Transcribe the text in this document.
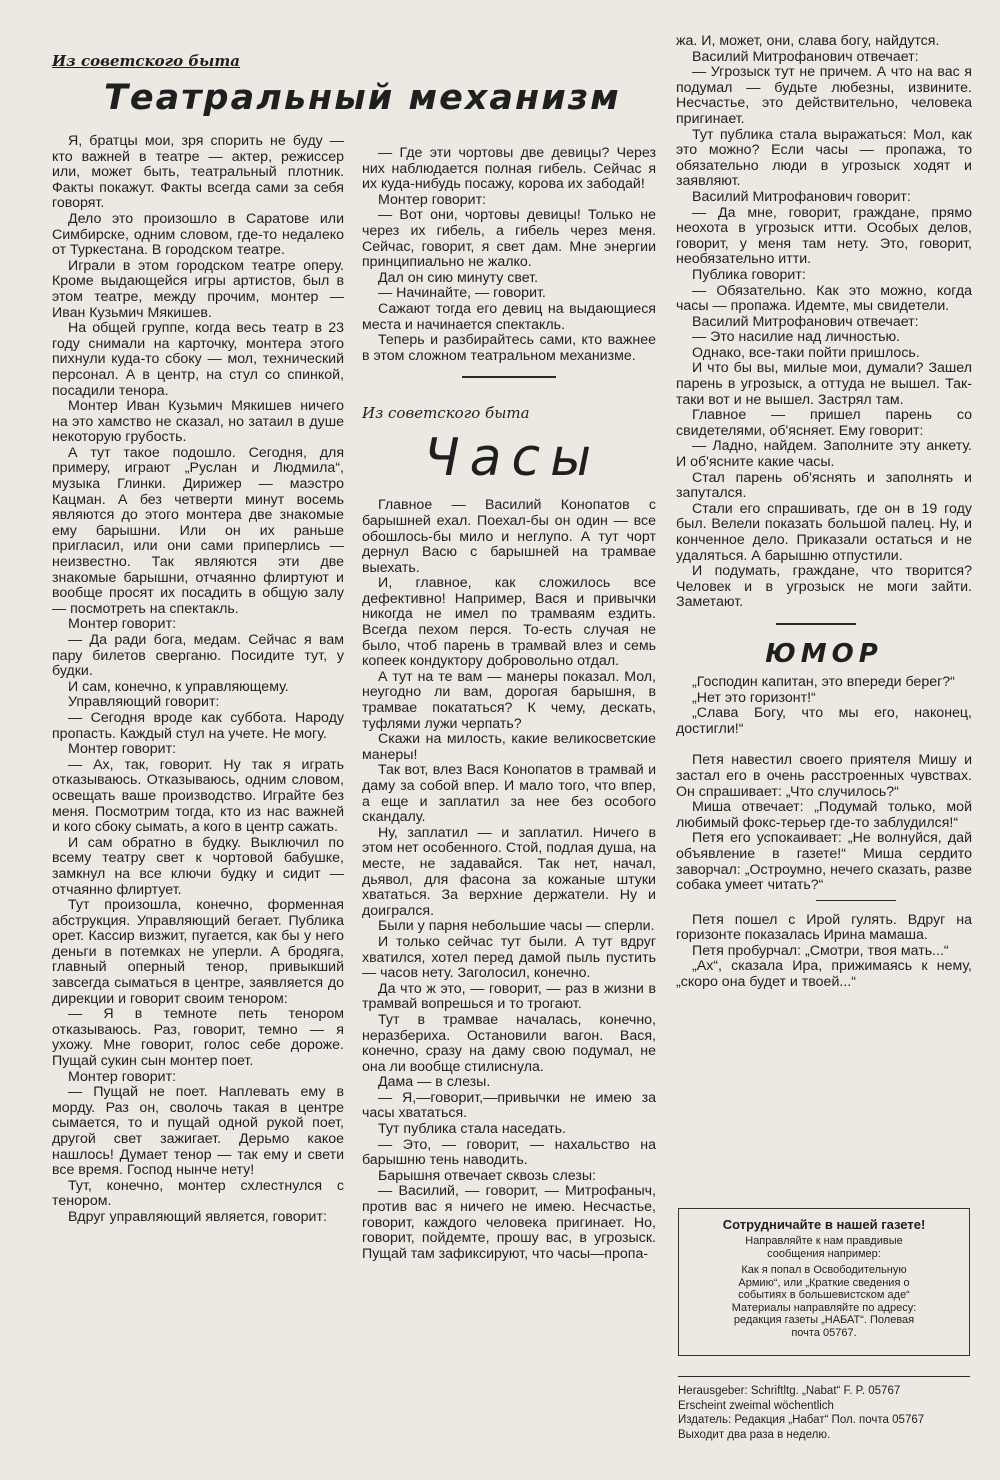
Из советского быта
Театральный механизм

Я, братцы мои, зря спорить не буду — кто важней в театре — актер, режиссер или, может быть, театральный плотник. Факты покажут. Факты всегда сами за себя говорят.

Дело это произошло в Саратове или Симбирске, одним словом, где-то недалеко от Туркестана. В городском театре.

Играли в этом городском театре оперу. Кроме выдающейся игры артистов, был в этом театре, между прочим, монтер — Иван Кузьмич Мякишев.

На общей группе, когда весь театр в 23 году снимали на карточку, монтера этого пихнули куда-то сбоку — мол, технический персонал. А в центр, на стул со спинкой, посадили тенора.

Монтер Иван Кузьмич Мякишев ничего на это хамство не сказал, но затаил в душе некоторую грубость.

А тут такое подошло. Сегодня, для примеру, играют „Руслан и Людмила“, музыка Глинки. Дирижер — маэстро Кацман. А без четверти минут восемь являются до этого монтера две знакомые ему барышни. Или он их раньше пригласил, или они сами приперлись — неизвестно. Так являются эти две знакомые барышни, отчаянно флиртуют и вообще просят их посадить в общую залу — посмотреть на спектакль.

Монтер говорит:

— Да ради бога, медам. Сейчас я вам пару билетов сверганю. Посидите тут, у будки.

И сам, конечно, к управляющему.

Управляющий говорит:

— Сегодня вроде как суббота. Народу пропасть. Каждый стул на учете. Не могу.

Монтер говорит:

— Ах, так, говорит. Ну так я играть отказываюсь. Отказываюсь, одним словом, освещать ваше производство. Играйте без меня. Посмотрим тогда, кто из нас важней и кого сбоку сымать, а кого в центр сажать.

И сам обратно в будку. Выключил по всему театру свет к чортовой бабушке, замкнул на все ключи будку и сидит — отчаянно флиртует.

Тут произошла, конечно, форменная абструкция. Управляющий бегает. Публика орет. Кассир визжит, пугается, как бы у него деньги в потемках не уперли. А бродяга, главный оперный тенор, привыкший завсегда сыматься в центре, заявляется до дирекции и говорит своим тенором:

— Я в темноте петь тенором отказываюсь. Раз, говорит, темно — я ухожу. Мне говорит, голос себе дороже. Пущай сукин сын монтер поет.

Монтер говорит:

— Пущай не поет. Наплевать ему в морду. Раз он, сволочь такая в центре сымается, то и пущай одной рукой поет, другой свет зажигает. Дерьмо какое нашлось! Думает тенор — так ему и свети все время. Господ нынче нету!

Тут, конечно, монтер схлестнулся с тенором.

Вдруг управляющий является, говорит:

— Где эти чортовы две девицы? Через них наблюдается полная гибель. Сейчас я их куда-нибудь посажу, корова их забодай!

Монтер говорит:

— Вот они, чортовы девицы! Только не через их гибель, а гибель через меня. Сейчас, говорит, я свет дам. Мне энергии принципиально не жалко.

Дал он сию минуту свет.

— Начинайте, — говорит.

Сажают тогда его девиц на выдающиеся места и начинается спектакль.

Теперь и разбирайтесь сами, кто важнее в этом сложном театральном механизме.

Из советского быта
Часы

Главное — Василий Конопатов с барышней ехал. Поехал-бы он один — все обошлось-бы мило и неглупо. А тут чорт дернул Васю с барышней на трамвае выехать.

И, главное, как сложилось все дефективно! Например, Вася и привычки никогда не имел по трамваям ездить. Всегда пехом перся. То-есть случая не было, чтоб парень в трамвай влез и семь копеек кондуктору добровольно отдал.

А тут на те вам — манеры показал. Мол, неугодно ли вам, дорогая барышня, в трамвае покататься? К чему, дескать, туфлями лужи черпать?

Скажи на милость, какие великосветские манеры!

Так вот, влез Вася Конопатов в трамвай и даму за собой впер. И мало того, что впер, а еще и заплатил за нее без особого скандалу.

Ну, заплатил — и заплатил. Ничего в этом нет особенного. Стой, подлая душа, на месте, не задавайся. Так нет, начал, дьявол, для фасона за кожаные штуки хвататься. За верхние держатели. Ну и доигрался.

Были у парня небольшие часы — сперли.

И только сейчас тут были. А тут вдруг хватился, хотел перед дамой пыль пустить — часов нету. Заголосил, конечно.

Да что ж это, — говорит, — раз в жизни в трамвай вопрешься и то трогают.

Тут в трамвае началась, конечно, неразбериха. Остановили вагон. Вася, конечно, сразу на даму свою подумал, не она ли вообще стилиснула.

Дама — в слезы.

— Я,—говорит,—привычки не имею за часы хвататься.

Тут публика стала наседать.

— Это, — говорит, — нахальство на барышню тень наводить.

Барышня отвечает сквозь слезы:

— Василий, — говорит, — Митрофаныч, против вас я ничего не имею. Несчастье, говорит, каждого человека пригинает. Но, говорит, пойдемте, прошу вас, в угрозыск. Пущай там зафиксируют, что часы—пропа-

жа. И, может, они, слава богу, найдутся.

Василий Митрофанович отвечает:

— Угрозыск тут не причем. А что на вас я подумал — будьте любезны, извините. Несчастье, это действительно, человека пригинает.

Тут публика стала выражаться: Мол, как это можно? Если часы — пропажа, то обязательно люди в угрозыск ходят и заявляют.

Василий Митрофанович говорит:

— Да мне, говорит, граждане, прямо неохота в угрозыск итти. Особых делов, говорит, у меня там нету. Это, говорит, необязательно итти.

Публика говорит:

— Обязательно. Как это можно, когда часы — пропажа. Идемте, мы свидетели.

Василий Митрофанович отвечает:

— Это насилие над личностью.

Однако, все-таки пойти пришлось.

И что бы вы, милые мои, думали? Зашел парень в угрозыск, а оттуда не вышел. Так-таки вот и не вышел. Застрял там.

Главное — пришел парень со свидетелями, об'ясняет. Ему говорит:

— Ладно, найдем. Заполните эту анкету. И об'ясните какие часы.

Стал парень об'яснять и заполнять и запутался.

Стали его спрашивать, где он в 19 году был. Велели показать большой палец. Ну, и конченное дело. Приказали остаться и не удаляться. А барышню отпустили.

И подумать, граждане, что творится? Человек и в угрозыск не моги зайти. Заметают.

ЮМОР

„Господин капитан, это впереди берег?“

„Нет это горизонт!“

„Слава Богу, что мы его, наконец, достигли!“

Петя навестил своего приятеля Мишу и застал его в очень расстроенных чувствах. Он спрашивает: „Что случилось?“

Миша отвечает: „Подумай только, мой любимый фокс-терьер где-то заблудился!“

Петя его успокаивает: „Не волнуйся, дай объявление в газете!“ Миша сердито заворчал: „Остроумно, нечего сказать, разве собака умеет читать?“

Петя пошел с Ирой гулять. Вдруг на горизонте показалась Ирина мамаша.

Петя пробурчал: „Смотри, твоя мать...“

„Ах“, сказала Ира, прижимаясь к нему, „скоро она будет и твоей...“

Сотрудничайте в нашей газете!
Направляйте к нам правдивые
сообщения например:
Как я попал в Освободительную
Армию“, или „Краткие сведения о
событиях в большевистском аде“
Материалы направляйте по адресу:
редакция газеты „НАБАТ“. Полевая
почта 05767.
Herausgeber: Schriftltg. „Nabat“ F. P. 05767
Erscheint zweimal wöchentlich
Издатель: Редакция „Набат“ Пол. почта 05767
Выходит два раза в неделю.
